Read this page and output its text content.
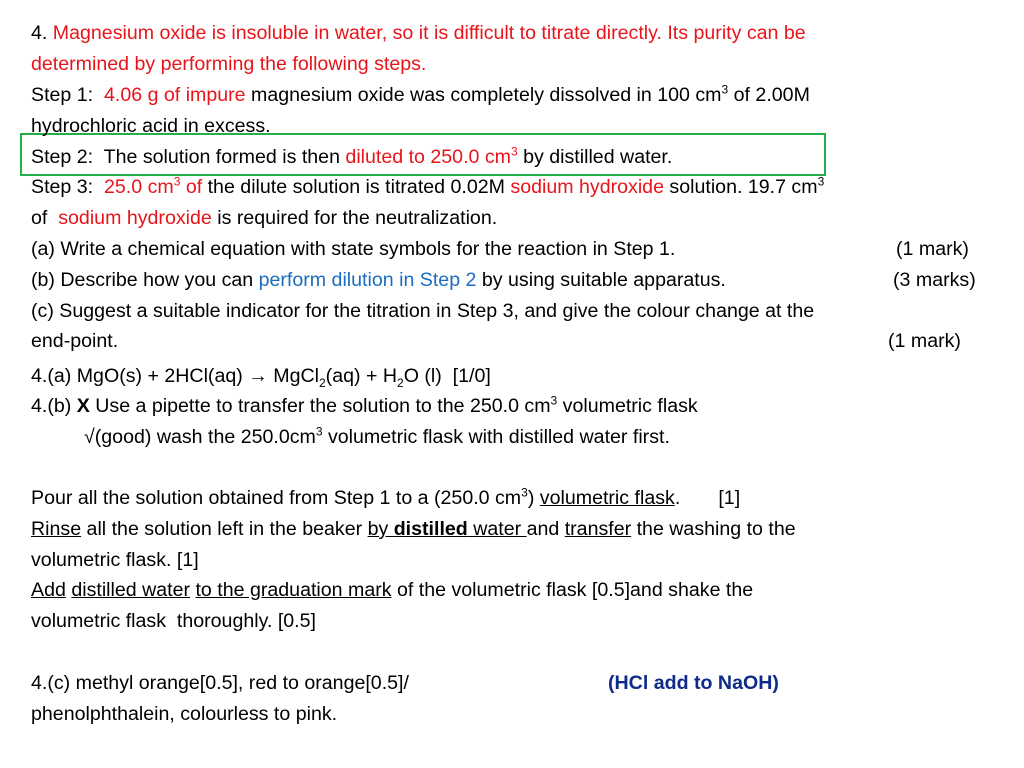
4. Magnesium oxide is insoluble in water, so it is difficult to titrate directly. Its purity can be
determined by performing the following steps.
Step 1:  4.06 g of impure magnesium oxide was completely dissolved in 100 $cm^3$ of 2.00M
hydrochloric acid in excess.
Step 2:  The solution formed is then diluted to 250.0 $cm^3$ by distilled water.
Step 3:  25.0 $cm^3$ of the dilute solution is titrated 0.02M sodium hydroxide solution. 19.7 $cm^3$
of  sodium hydroxide is required for the neutralization.
(a) Write a chemical equation with state symbols for the reaction in Step 1.	(1 mark)
(b) Describe how you can perform dilution in Step 2 by using suitable apparatus.	(3 marks)
(c) Suggest a suitable indicator for the titration in Step 3, and give the colour change at the
end-point.	(1 mark)
4.(a) MgO(s) + 2HCl(aq) → MgCl$_2$(aq) + $H_2O$ (l)  [1/0]
4.(b) X Use a pipette to transfer the solution to the 250.0 $cm^3$ volumetric flask
√(good) wash the $250.0cm^3$ volumetric flask with distilled water first.
Pour all the solution obtained from Step 1 to a (250.0 $cm^3$) volumetric flask.       [1]
Rinse all the solution left in the beaker by distilled water and transfer the washing to the
volumetric flask. [1]
Add distilled water to the graduation mark of the volumetric flask [0.5]and shake the
volumetric flask  thoroughly. [0.5]
4.(c) methyl orange[0.5], red to orange[0.5]/	(HCl add to NaOH)
phenolphthalein, colourless to pink.
